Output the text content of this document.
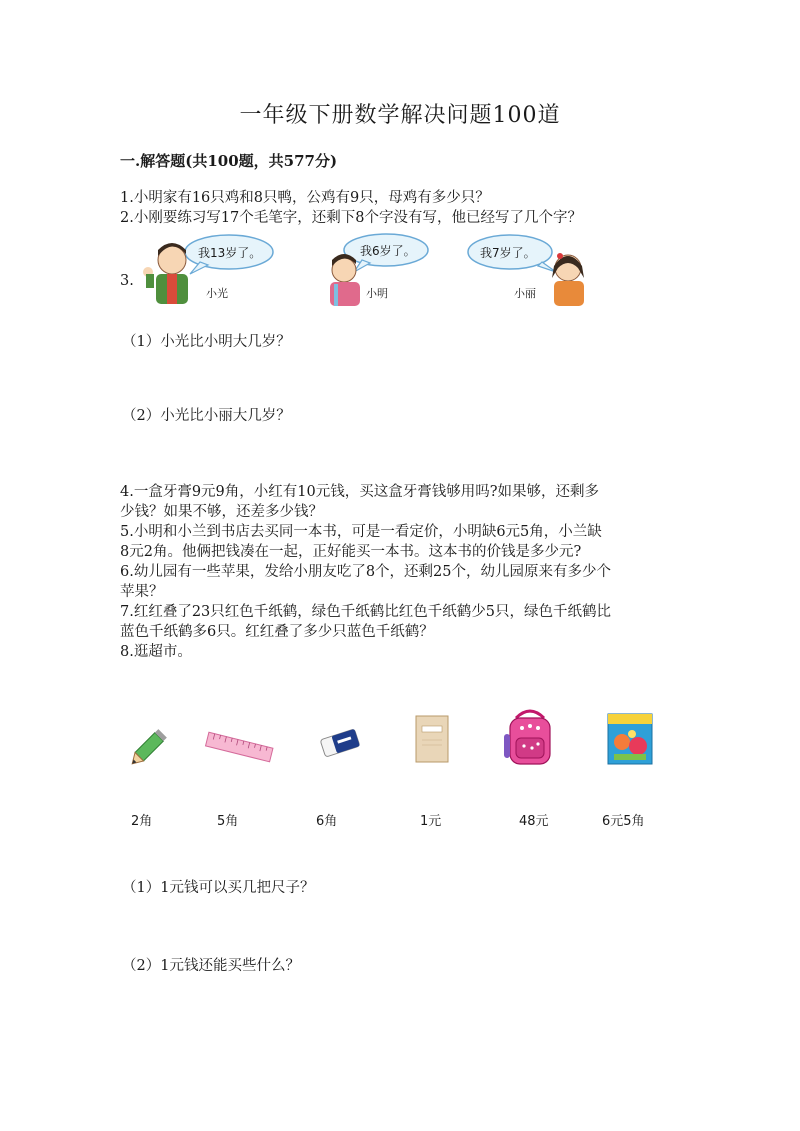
一年级下册数学解决问题100道
一.解答题(共100题，共577分)
1.小明家有16只鸡和8只鸭，公鸡有9只，母鸡有多少只？
2.小刚要练习写17个毛笔字，还剩下8个字没有写，他已经写了几个字？
3.
我13岁了。
小光
我6岁了。
小明
我7岁了。
小丽
（1）小光比小明大几岁？
（2）小光比小丽大几岁？
4.一盒牙膏9元9角，小红有10元钱，买这盒牙膏钱够用吗?如果够，还剩多
少钱？如果不够，还差多少钱？
5.小明和小兰到书店去买同一本书，可是一看定价，小明缺6元5角，小兰缺
8元2角。他俩把钱凑在一起，正好能买一本书。这本书的价钱是多少元?
6.幼儿园有一些苹果，发给小朋友吃了8个，还剩25个，幼儿园原来有多少个
苹果？
7.红红叠了23只红色千纸鹤，绿色千纸鹤比红色千纸鹤少5只，绿色千纸鹤比
蓝色千纸鹤多6只。红红叠了多少只蓝色千纸鹤？
8.逛超市。
2角	5角	6角	1元	48元	6元5角
（1）1元钱可以买几把尺子？
（2）1元钱还能买些什么？
